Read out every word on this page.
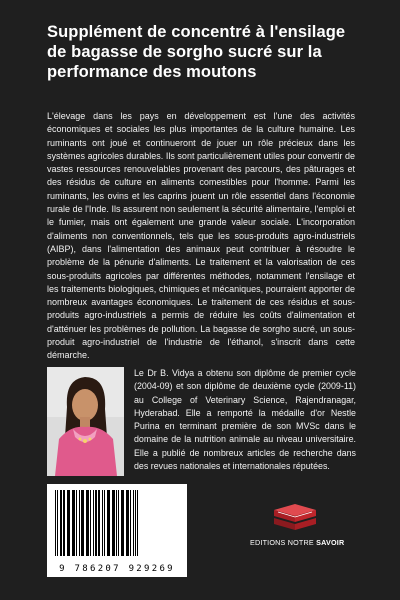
Supplément de concentré à l'ensilage de bagasse de sorgho sucré sur la performance des moutons
L'élevage dans les pays en développement est l'une des activités économiques et sociales les plus importantes de la culture humaine. Les ruminants ont joué et continueront de jouer un rôle précieux dans les systèmes agricoles durables. Ils sont particulièrement utiles pour convertir de vastes ressources renouvelables provenant des parcours, des pâturages et des résidus de culture en aliments comestibles pour l'homme. Parmi les ruminants, les ovins et les caprins jouent un rôle essentiel dans l'économie rurale de l'Inde. Ils assurent non seulement la sécurité alimentaire, l'emploi et le fumier, mais ont également une grande valeur sociale. L'incorporation d'aliments non conventionnels, tels que les sous-produits agro-industriels (AIBP), dans l'alimentation des animaux peut contribuer à résoudre le problème de la pénurie d'aliments. Le traitement et la valorisation de ces sous-produits agricoles par différentes méthodes, notamment l'ensilage et les traitements biologiques, chimiques et mécaniques, pourraient apporter de nombreux avantages économiques. Le traitement de ces résidus et sous-produits agro-industriels a permis de réduire les coûts d'alimentation et d'atténuer les problèmes de pollution. La bagasse de sorgho sucré, un sous-produit agro-industriel de l'industrie de l'éthanol, s'inscrit dans cette démarche.
Le Dr B. Vidya a obtenu son diplôme de premier cycle (2004-09) et son diplôme de deuxième cycle (2009-11) au College of Veterinary Science, Rajendranagar, Hyderabad. Elle a remporté la médaille d'or Nestle Purina en terminant première de son MVSc dans le domaine de la nutrition animale au niveau universitaire. Elle a publié de nombreux articles de recherche dans des revues nationales et internationales réputées.
9 786207 929269
EDITIONS NOTRE SAVOIR
